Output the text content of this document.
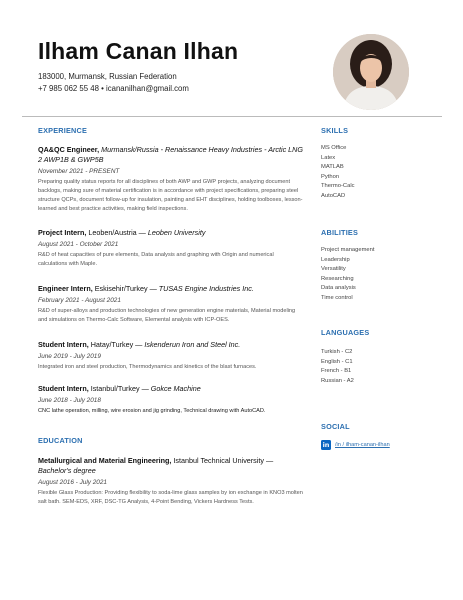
Ilham Canan Ilhan
183000, Murmansk, Russian Federation
+7 985 062 55 48 • icananilhan@gmail.com
EXPERIENCE
QA&QC Engineer, Murmansk/Russia - Renaissance Heavy Industries - Arctic LNG 2 AWP1B & GWP5B
November 2021 - PRESENT
Preparing quality status reports for all disciplines of both AWP and GWP projects, analyzing document backlogs, making sure of material certification is in accordance with project specifications, preparing steel structure QCPs, document follow-up for insulation, painting and EHT disciplines, holding toolboxes, lesson-learned and best practice activities, making field inspections.
Project Intern, Leoben/Austria — Leoben University
August 2021 - October 2021
R&D of heat capacities of pure elements, Data analysis and graphing with Origin and numerical calculations with Maple.
Engineer Intern, Eskisehir/Turkey — TUSAS Engine Industries Inc.
February 2021 - August 2021
R&D of super-alloys and production technologies of new generation engine materials, Material modeling and simulations on Thermo-Calc Software, Elemental analysis with ICP-OES.
Student Intern, Hatay/Turkey — Iskenderun Iron and Steel Inc.
June 2019 - July 2019
Integrated iron and steel production, Thermodynamics and kinetics of the blast furnaces.
Student Intern, Istanbul/Turkey — Gokce Machine
June 2018 - July 2018
CNC lathe operation, milling, wire erosion and jig grinding, Technical drawing with AutoCAD.
EDUCATION
Metallurgical and Material Engineering, Istanbul Technical University — Bachelor's degree
August 2016 - July 2021
Flexible Glass Production: Providing flexibility to soda-lime glass samples by ion exchange in KNO3 molten salt bath. SEM-EDS, XRF, DSC-TG Analysis, 4-Point Bending, Vickers Hardness Tests.
SKILLS
MS Office
Latex
MATLAB
Python
Thermo-Calc
AutoCAD
ABILITIES
Project management
Leadership
Versatility
Researching
Data analysis
Time control
LANGUAGES
Turkish - C2
English - C1
French - B1
Russian - A2
SOCIAL
in /in / ilham-canan-ilhan
